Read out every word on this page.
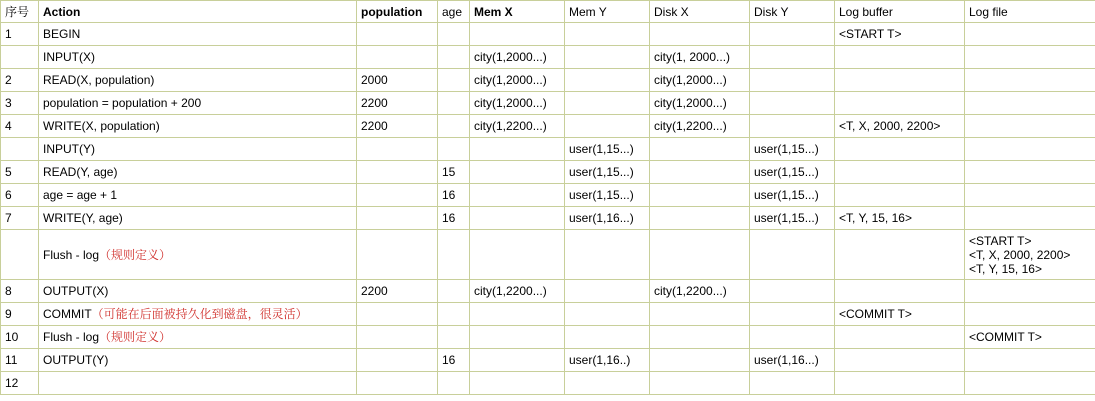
序号	Action	population	age	Mem X	Mem Y	Disk X	Disk Y	Log buffer	Log file
1	BEGIN							<START T>	
	INPUT(X)			city(1,2000...)		city(1, 2000...)			
2	READ(X, population)	2000		city(1,2000...)		city(1,2000...)			
3	population = population + 200	2200		city(1,2000...)		city(1,2000...)			
4	WRITE(X, population)	2200		city(1,2200...)		city(1,2200...)		<T, X, 2000, 2200>	
	INPUT(Y)				user(1,15...)		user(1,15...)		
5	READ(Y, age)		15		user(1,15...)		user(1,15...)		
6	age = age + 1		16		user(1,15...)		user(1,15...)		
7	WRITE(Y, age)		16		user(1,16...)		user(1,15...)	<T, Y, 15, 16>	
	Flush - log（规则定义）								<START T>
<T, X, 2000, 2200>
<T, Y, 15, 16>

8	OUTPUT(X)	2200		city(1,2200...)		city(1,2200...)			
9	COMMIT（可能在后面被持久化到磁盘，很灵活）							<COMMIT T>	
10	Flush - log（规则定义）								<COMMIT T>

11	OUTPUT(Y)		16		user(1,16..)		user(1,16...)		
12									
